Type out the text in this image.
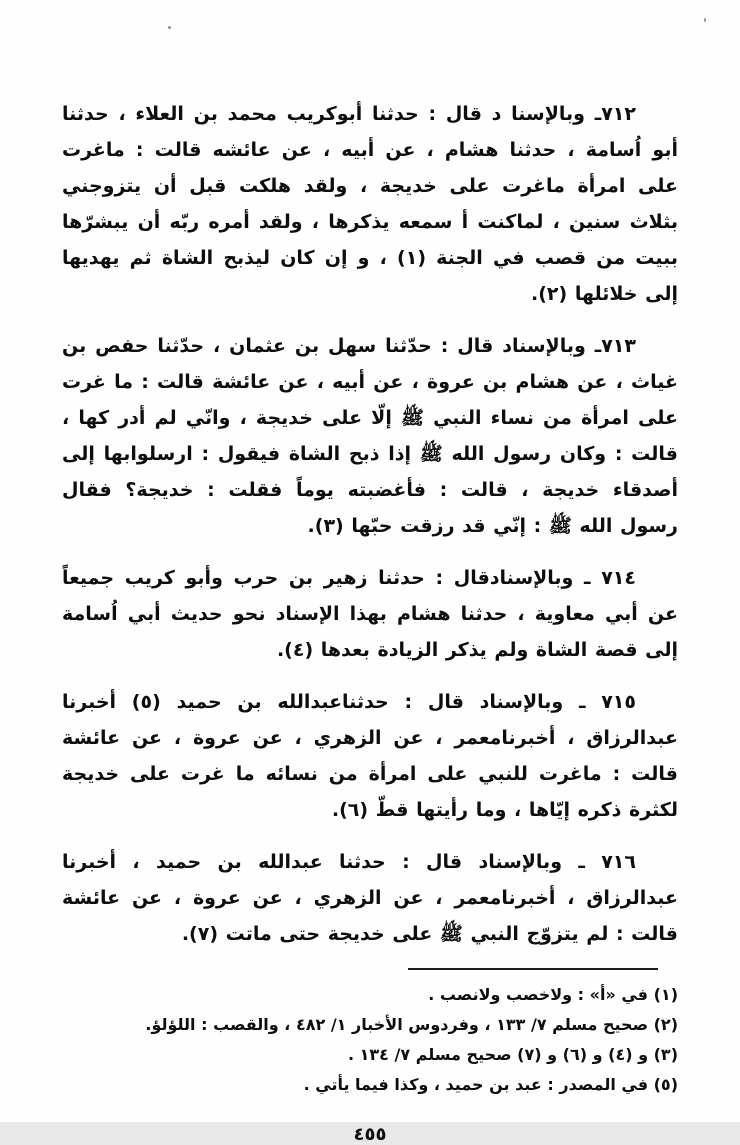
٧١٢ـ وبالإسنا د قال : حدثنا أبوكريب محمد بن العلاء ، حدثنا أبو اُسامة ، حدثنا هشام ، عن أبيه ، عن عائشه قالت : ماغرت على امرأة ماغرت على خديجة ، ولقد هلكت قبل أن يتزوجني بثلاث سنين ، لماكنت أ سمعه يذكرها ، ولقد أمره ربّه أن يبشرّها ببيت من قصب في الجنة (١) ، و إن كان ليذبح الشاة ثم يهديها إلى خلائلها (٢).

٧١٣ـ وبالإسناد قال : حدّثنا سهل بن عثمان ، حدّثنا حفص بن غياث ، عن هشام بن عروة ، عن أبيه ، عن عائشة قالت : ما غرت على امرأة من نساء النبي ﷺ إلّا على خديجة ، وانّي لم أدر كها ، قالت : وكان رسول الله ﷺ إذا ذبح الشاة فيقول : ارسلوابها إلى أصدقاء خديجة ، قالت : فأغضبته يوماً فقلت : خديجة؟ فقال رسول الله ﷺ : إنّي قد رزقت حبّها (٣).

٧١٤ ـ وبالإسنادقال : حدثنا زهير بن حرب وأبو كريب جميعاً عن أبي معاوية ، حدثنا هشام بهذا الإسناد نحو حديث أبي اُسامة إلى قصة الشاة ولم يذكر الزيادة بعدها (٤).

٧١٥ ـ وبالإسناد قال : حدثناعبدالله بن حميد (٥) أخبرنا عبدالرزاق ، أخبرنامعمر ، عن الزهري ، عن عروة ، عن عائشة قالت : ماغرت للنبي على امرأة من نسائه ما غرت على خديجة لكثرة ذكره إيّاها ، وما رأيتها قطّ (٦).

٧١٦ ـ وبالإسناد قال : حدثنا عبدالله بن حميد ، أخبرنا عبدالرزاق ، أخبرنامعمر ، عن الزهري ، عن عروة ، عن عائشة قالت : لم يتزوّج النبي ﷺ على خديجة حتى ماتت (٧).

(١) في «أ» : ولاخصب ولانصب .
(٢) صحيح مسلم ٧/ ١٣٣ ، وفردوس الأخبار ١/ ٤٨٢ ، والقصب : اللؤلؤ.
(٣) و (٤) و (٦) و (٧) صحيح مسلم ٧/ ١٣٤ .
(٥) في المصدر : عبد بن حميد ، وكذا فيما يأتي .
٤٥٥
